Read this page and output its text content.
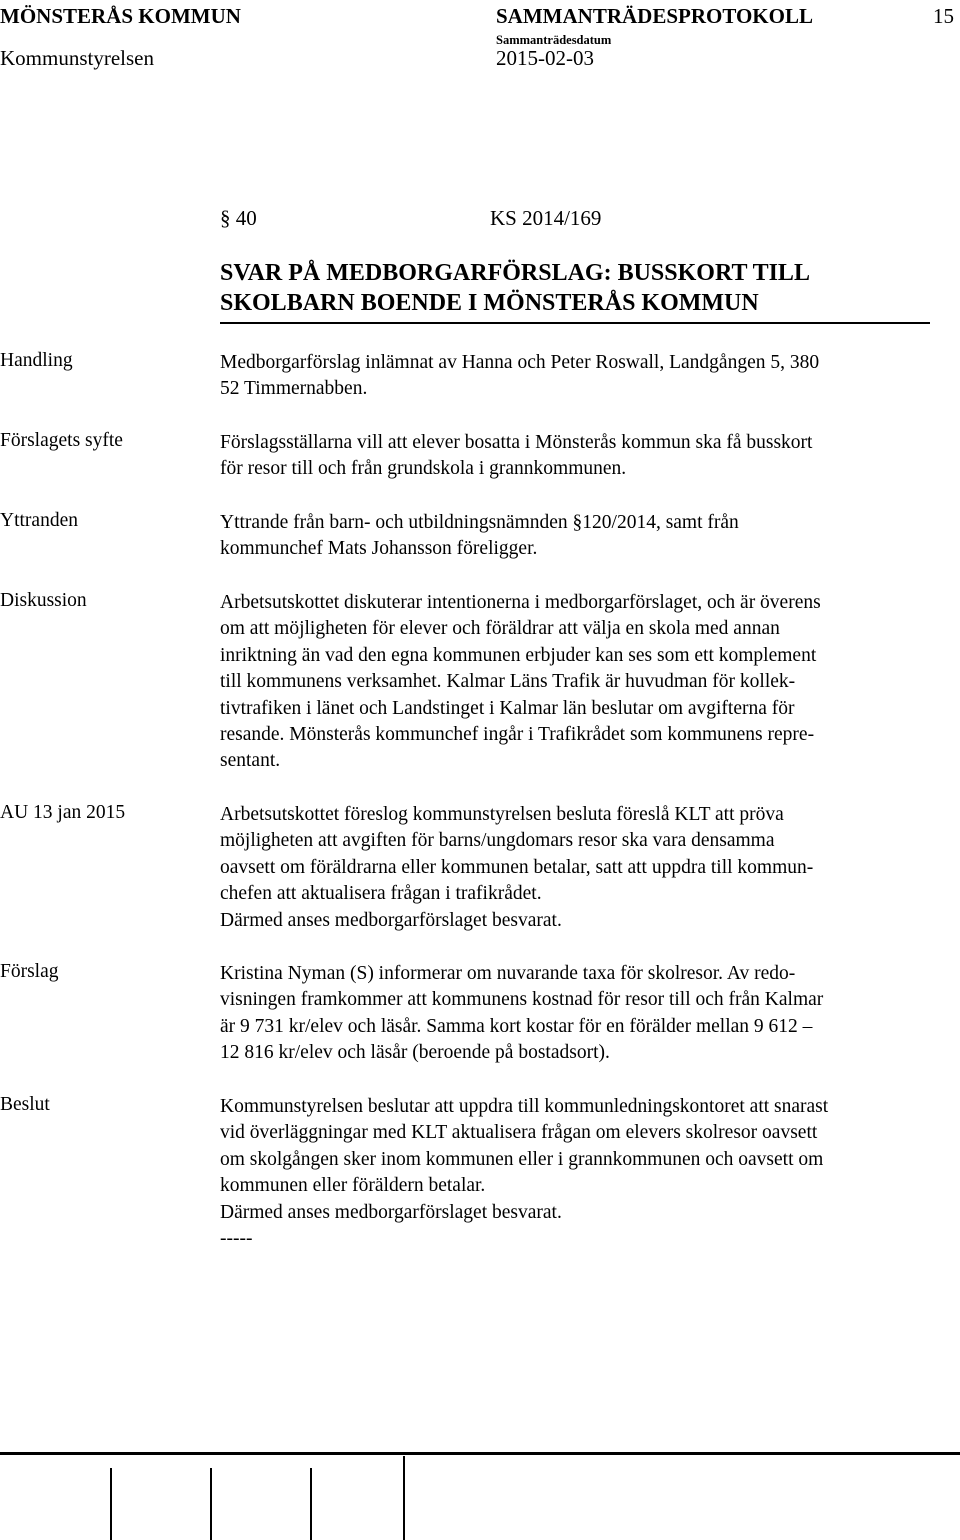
MÖNSTERÅS KOMMUN	SAMMANTRÄDESPROTOKOLL	15
Kommunstyrelsen
Sammanträdesdatum
2015-02-03
§ 40	KS 2014/169
SVAR PÅ MEDBORGARFÖRSLAG: BUSSKORT TILL
SKOLBARN BOENDE I MÖNSTERÅS KOMMUN
Handling	Medborgarförslag inlämnat av Hanna och Peter Roswall, Landgången 5, 380

52 Timmernabben.

Förslagets syfte	Förslagsställarna vill att elever bosatta i Mönsterås kommun ska få busskort

för resor till och från grundskola i grannkommunen.

Yttranden	Yttrande från barn- och utbildningsnämnden §120/2014, samt från

kommunchef Mats Johansson föreligger.

Diskussion	Arbetsutskottet diskuterar intentionerna i medborgarförslaget, och är överens

om att möjligheten för elever och föräldrar att välja en skola med annan

inriktning än vad den egna kommunen erbjuder kan ses som ett komplement

till kommunens verksamhet. Kalmar Läns Trafik är huvudman för kollek-

tivtrafiken i länet och Landstinget i Kalmar län beslutar om avgifterna för

resande. Mönsterås kommunchef ingår i Trafikrådet som kommunens repre-

sentant.

AU 13 jan 2015	Arbetsutskottet föreslog kommunstyrelsen besluta föreslå KLT att pröva

möjligheten att avgiften för barns/ungdomars resor ska vara densamma

oavsett om föräldrarna eller kommunen betalar, satt att uppdra till kommun-

chefen att aktualisera frågan i trafikrådet.

Därmed anses medborgarförslaget besvarat.

Förslag	Kristina Nyman (S) informerar om nuvarande taxa för skolresor. Av redo-

visningen framkommer att kommunens kostnad för resor till och från Kalmar

är 9 731 kr/elev och läsår. Samma kort kostar för en förälder mellan 9 612 –

12 816 kr/elev och läsår (beroende på bostadsort).

Beslut	Kommunstyrelsen beslutar att uppdra till kommunledningskontoret att snarast

vid överläggningar med KLT aktualisera frågan om elevers skolresor oavsett

om skolgången sker inom kommunen eller i grannkommunen och oavsett om

kommunen eller föräldern betalar.

Därmed anses medborgarförslaget besvarat.

-----
